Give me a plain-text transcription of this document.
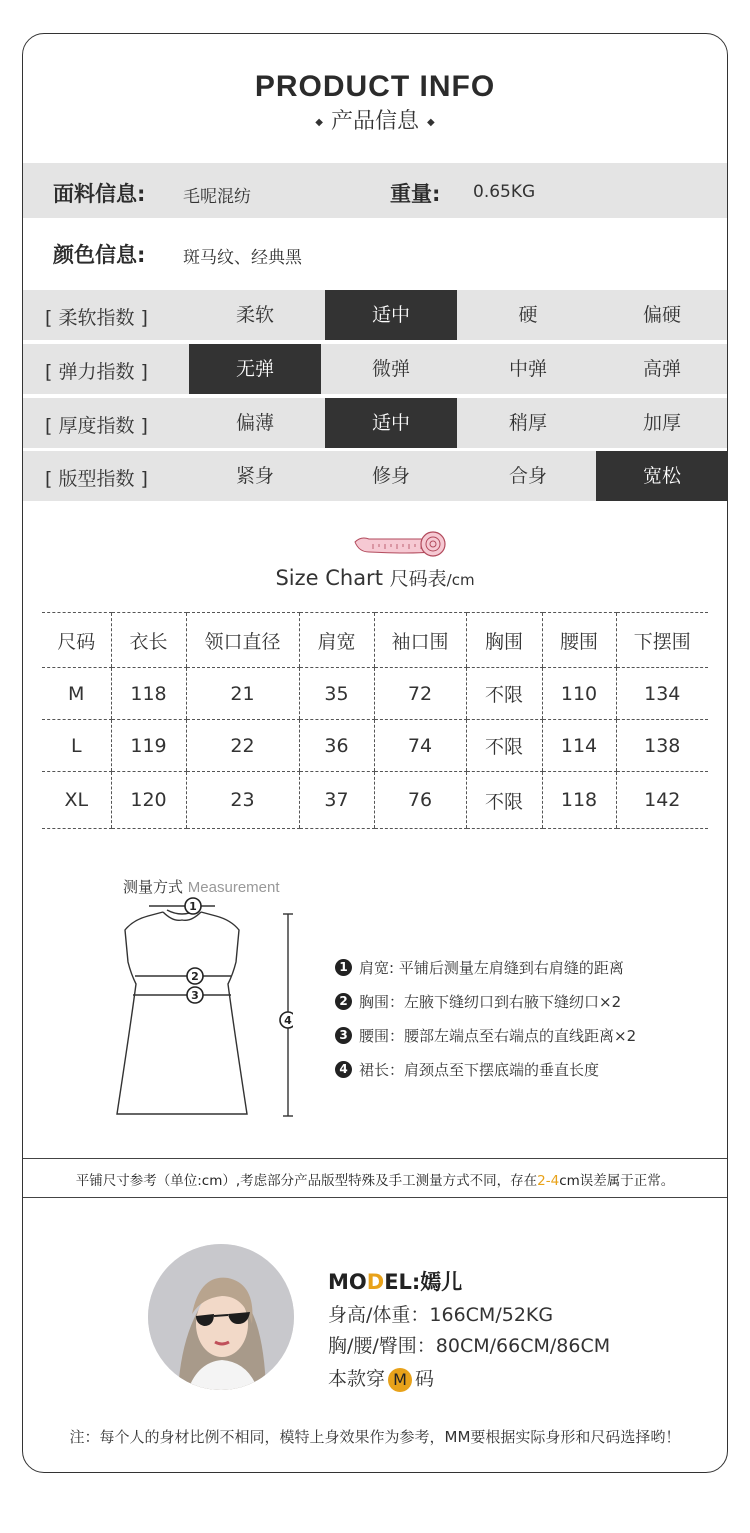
PRODUCT INFO
◆ 产品信息 ◆
面料信息: 毛呢混纺	重量: 0.65KG
颜色信息: 斑马纹、经典黑
[ 柔软指数 ]	柔软	适中	硬	偏硬
[ 弹力指数 ]	无弹	微弹	中弹	高弹
[ 厚度指数 ]	偏薄	适中	稍厚	加厚
[ 版型指数 ]	紧身	修身	合身	宽松
Size Chart 尺码表/cm
尺码	衣长	领口直径	肩宽	袖口围	胸围	腰围	下摆围
M	118	21	35	72	不限	110	134
L	119	22	36	74	不限	114	138
XL	120	23	37	76	不限	118	142
测量方式 Measurement
1
2
3
4
1 肩宽: 平铺后测量左肩缝到右肩缝的距离
2 胸围：左腋下缝纫口到右腋下缝纫口×2
3 腰围：腰部左端点至右端点的直线距离×2
4 裙长：肩颈点至下摆底端的垂直长度
平铺尺寸参考（单位:cm）,考虑部分产品版型特殊及手工测量方式不同，存在2-4cm误差属于正常。
MODEL:嫣儿
身高/体重：166CM/52KG
胸/腰/臀围：80CM/66CM/86CM
本款穿 M 码
注：每个人的身材比例不相同，模特上身效果作为参考，MM要根据实际身形和尺码选择哟！
